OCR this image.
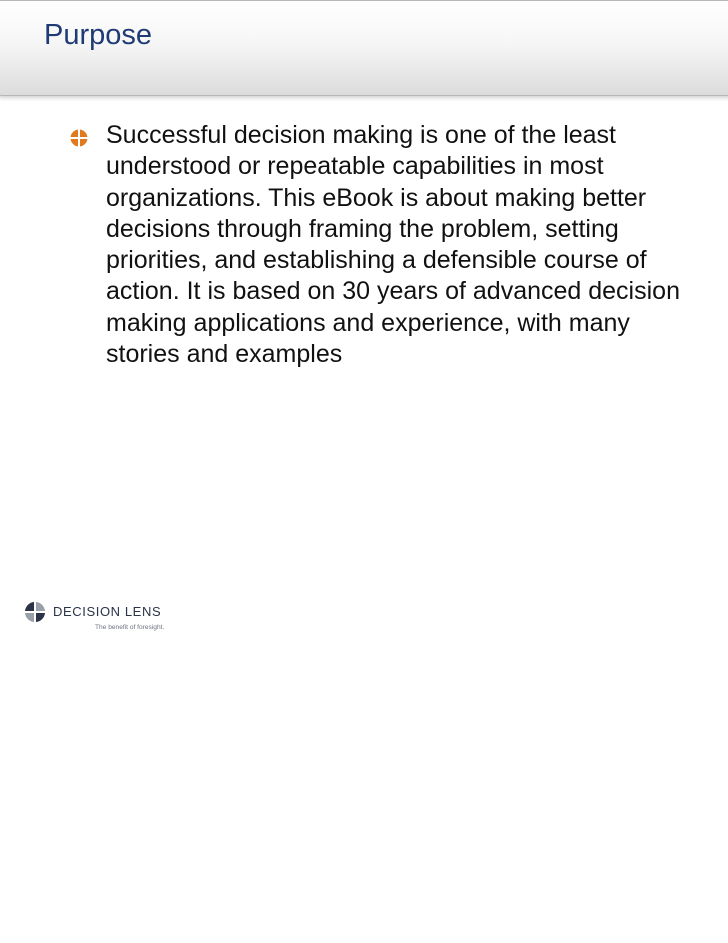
Purpose
Successful decision making is one of the least
understood or repeatable capabilities in most
organizations. This eBook is about making better
decisions through framing the problem, setting
priorities, and establishing a defensible course of
action. It is based on 30 years of advanced decision
making applications and experience, with many
stories and examples
DECISION LENS
The benefit of foresight.
